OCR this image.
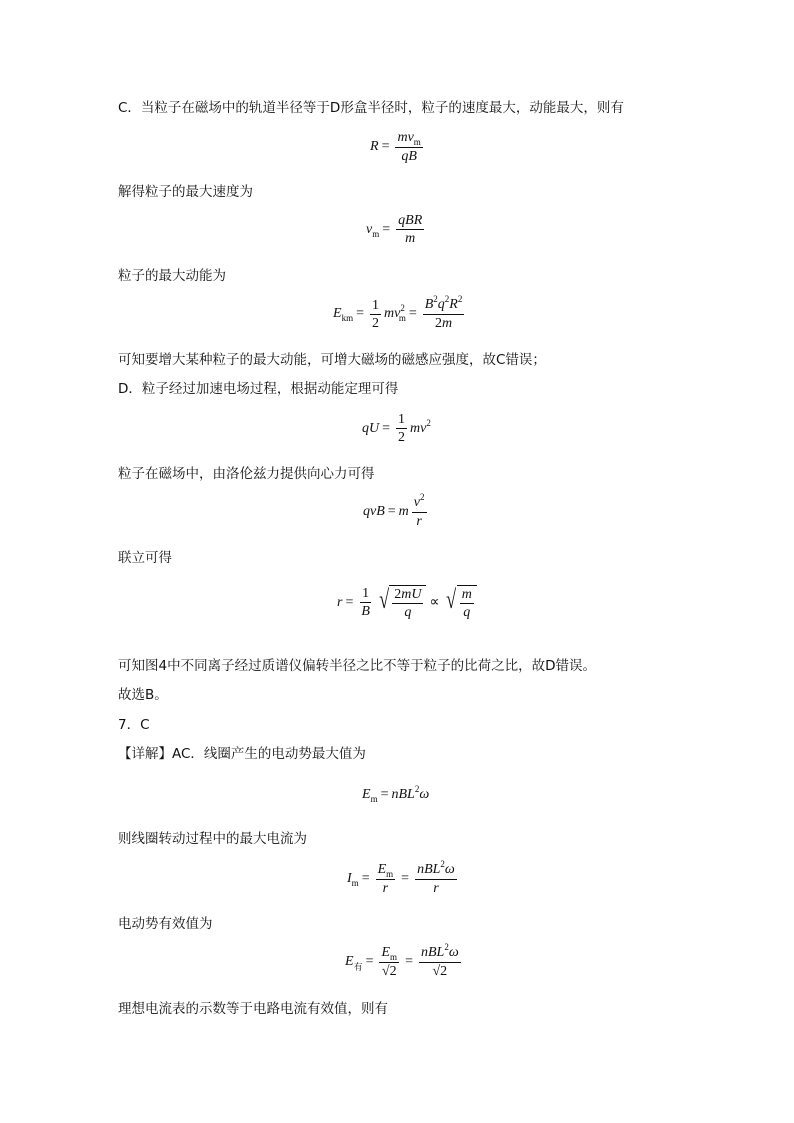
C．当粒子在磁场中的轨道半径等于D形盒半径时，粒子的速度最大，动能最大，则有
$R = \frac{mv_m}{qB}$
解得粒子的最大速度为
v $m = \frac{\text{qBR}}{m}$
粒子的最大动能为
E km = $\frac{1}{2}$ mv 2
$m = \frac{B^2q^2R^2}{2m}$
可知要增大某种粒子的最大动能，可增大磁场的磁感应强度，故C错误；
D．粒子经过加速电场过程，根据动能定理可得
qU = $\frac{1}{2}$ mv 2
粒子在磁场中，由洛伦兹力提供向心力可得
qvB = m $\frac{v^2}{r}$
联立可得
$r = \frac{1}{B}$ √ $\frac{2mU}{q}$ ∝ √ $\frac{m}{q}$
可知图4中不同离子经过质谱仪偏转半径之比不等于粒子的比荷之比，故D错误。
故选B。
7．C
【详解】AC．线圈产生的电动势最大值为
E m = nBL 2 ω
则线圈转动过程中的最大电流为
I $m = \frac{E_m}{r} = \frac{nBL^2\omega}{r}$
电动势有效值为
E 有 = $\frac{E_m}{√2} = \frac{nBL^2\omega}{√2}$
理想电流表的示数等于电路电流有效值，则有
